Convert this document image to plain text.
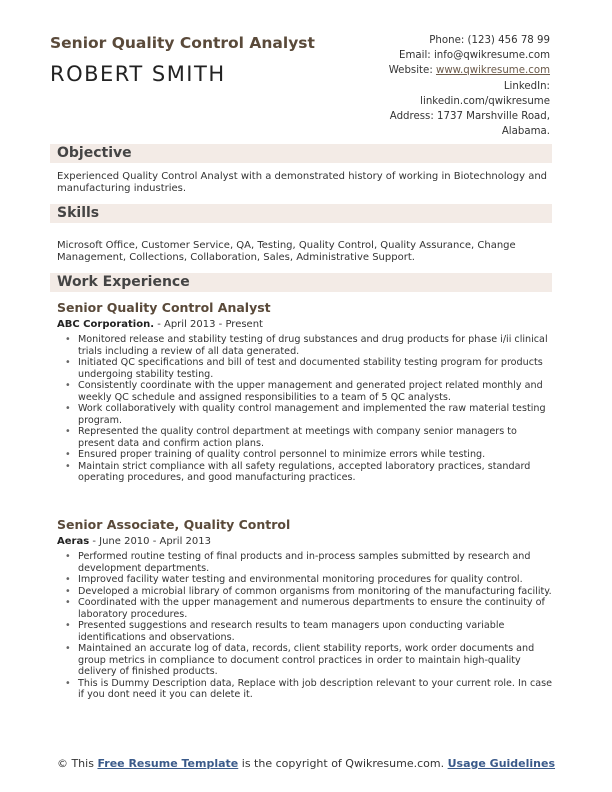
Senior Quality Control Analyst
ROBERT SMITH
Phone: (123) 456 78 99
Email: info@qwikresume.com
Website: www.qwikresume.com
LinkedIn:
linkedin.com/qwikresume
Address: 1737 Marshville Road,
Alabama.
Objective
Experienced Quality Control Analyst with a demonstrated history of working in Biotechnology and manufacturing industries.
Skills
Microsoft Office, Customer Service, QA, Testing, Quality Control, Quality Assurance, Change Management, Collections, Collaboration, Sales, Administrative Support.
Work Experience
Senior Quality Control Analyst
ABC Corporation. - April 2013 - Present
• Monitored release and stability testing of drug substances and drug products for phase i/ii clinical trials including a review of all data generated.
• Initiated QC specifications and bill of test and documented stability testing program for products undergoing stability testing.
• Consistently coordinate with the upper management and generated project related monthly and weekly QC schedule and assigned responsibilities to a team of 5 QC analysts.
• Work collaboratively with quality control management and implemented the raw material testing program.
• Represented the quality control department at meetings with company senior managers to present data and confirm action plans.
• Ensured proper training of quality control personnel to minimize errors while testing.
• Maintain strict compliance with all safety regulations, accepted laboratory practices, standard operating procedures, and good manufacturing practices.
Senior Associate, Quality Control
Aeras - June 2010 - April 2013
• Performed routine testing of final products and in-process samples submitted by research and development departments.
• Improved facility water testing and environmental monitoring procedures for quality control.
• Developed a microbial library of common organisms from monitoring of the manufacturing facility.
• Coordinated with the upper management and numerous departments to ensure the continuity of laboratory procedures.
• Presented suggestions and research results to team managers upon conducting variable identifications and observations.
• Maintained an accurate log of data, records, client stability reports, work order documents and group metrics in compliance to document control practices in order to maintain high-quality delivery of finished products.
• This is Dummy Description data, Replace with job description relevant to your current role. In case if you dont need it you can delete it.
© This Free Resume Template is the copyright of Qwikresume.com. Usage Guidelines
